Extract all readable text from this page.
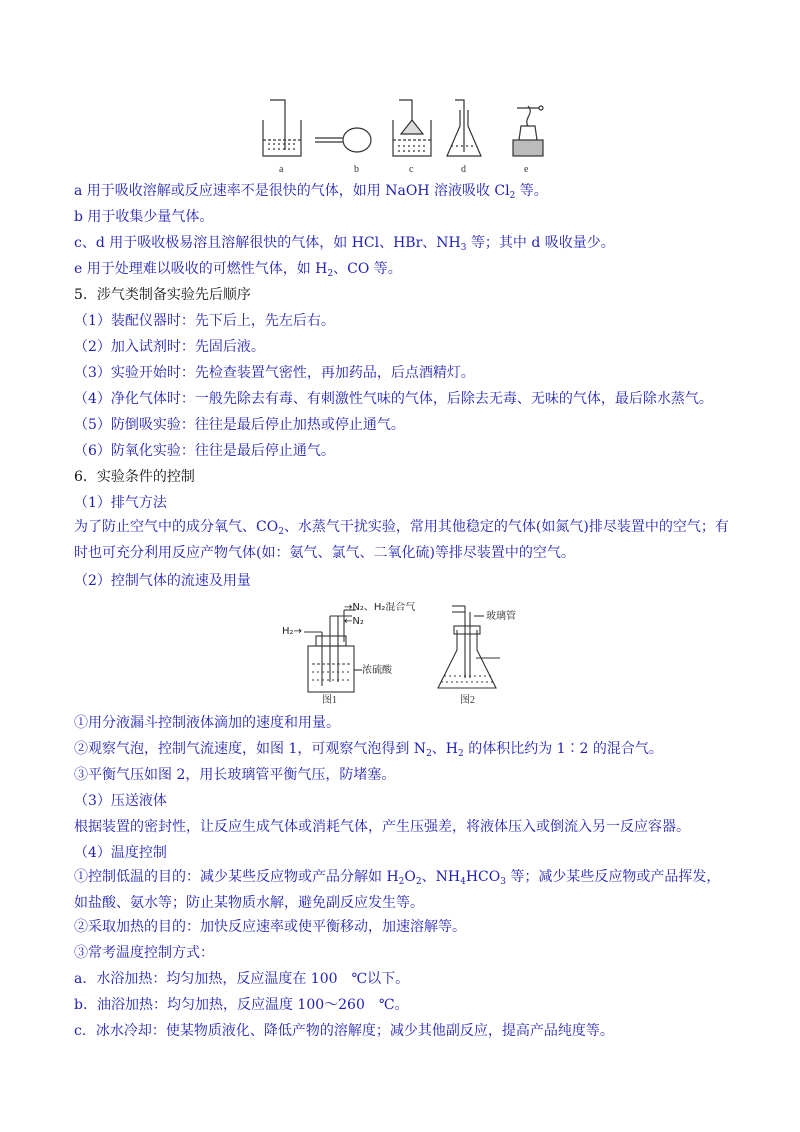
a	b	c	d	e
a 用于吸收溶解或反应速率不是很快的气体，如用 NaOH 溶液吸收 $Cl_2$ 等。
b 用于收集少量气体。
c、d 用于吸收极易溶且溶解很快的气体，如 HCl、HBr、$NH_3$ 等；其中 d 吸收量少。
e 用于处理难以吸收的可燃性气体，如 $H_2$、CO 等。
5．涉气类制备实验先后顺序
（1）装配仪器时：先下后上，先左后右。
（2）加入试剂时：先固后液。
（3）实验开始时：先检查装置气密性，再加药品，后点酒精灯。
（4）净化气体时：一般先除去有毒、有刺激性气味的气体，后除去无毒、无味的气体，最后除水蒸气。
（5）防倒吸实验：往往是最后停止加热或停止通气。
（6）防氧化实验：往往是最后停止通气。
6．实验条件的控制
（1）排气方法
为了防止空气中的成分氧气、$CO_2$、水蒸气干扰实验，常用其他稳定的气体(如氮气)排尽装置中的空气；有时也可充分利用反应产物气体(如：氨气、氯气、二氧化硫)等排尽装置中的空气。
（2）控制气体的流速及用量
H₂→
→N₂、H₂混合气
←N₂
浓硫酸
图1
玻璃管
图2
①用分液漏斗控制液体滴加的速度和用量。
②观察气泡，控制气流速度，如图 1，可观察气泡得到 $N_2$、$H_2$ 的体积比约为 1∶2 的混合气。
③平衡气压如图 2，用长玻璃管平衡气压，防堵塞。
（3）压送液体
根据装置的密封性，让反应生成气体或消耗气体，产生压强差，将液体压入或倒流入另一反应容器。
（4）温度控制
①控制低温的目的：减少某些反应物或产品分解如 $H_2O_2$、$NH_4HCO_3$ 等；减少某些反应物或产品挥发，如盐酸、氨水等；防止某物质水解，避免副反应发生等。
②采取加热的目的：加快反应速率或使平衡移动，加速溶解等。
③常考温度控制方式：
a．水浴加热：均匀加热，反应温度在 100　℃以下。
b．油浴加热：均匀加热，反应温度 100～260　℃。
c．冰水冷却：使某物质液化、降低产物的溶解度；减少其他副反应，提高产品纯度等。
